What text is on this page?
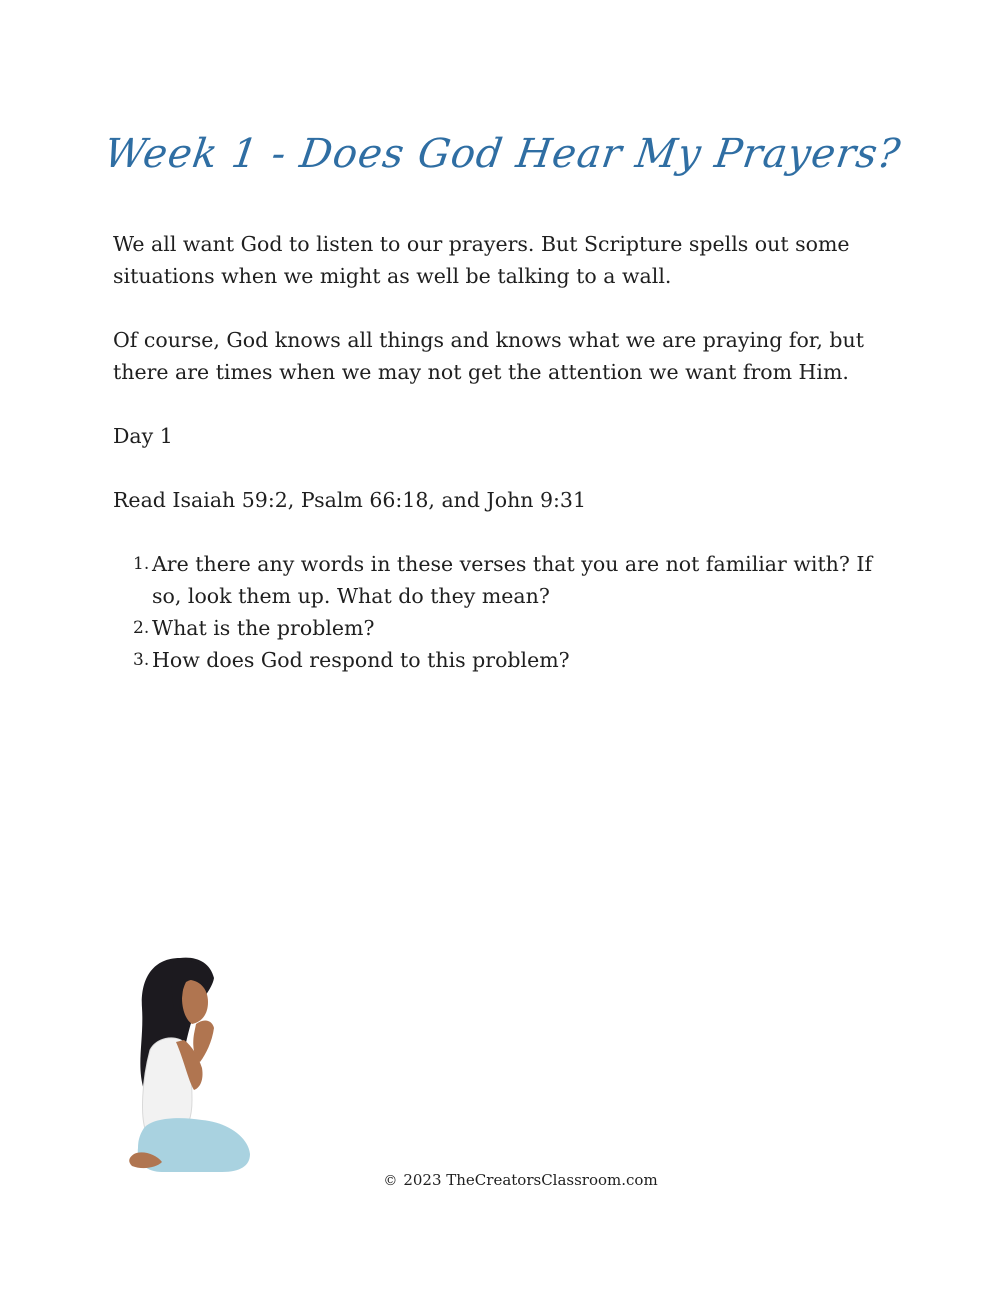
Week 1 - Does God Hear My Prayers?

We all want God to listen to our prayers. But Scripture spells out some situations when we might as well be talking to a wall.

Of course, God knows all things and knows what we are praying for, but there are times when we may not get the attention we want from Him.

Day 1

Read Isaiah 59:2, Psalm 66:18, and John 9:31

1. Are there any words in these verses that you are not familiar with? If so, look them up. What do they mean?
2. What is the problem?
3. How does God respond to this problem?
© 2023 TheCreatorsClassroom.com
